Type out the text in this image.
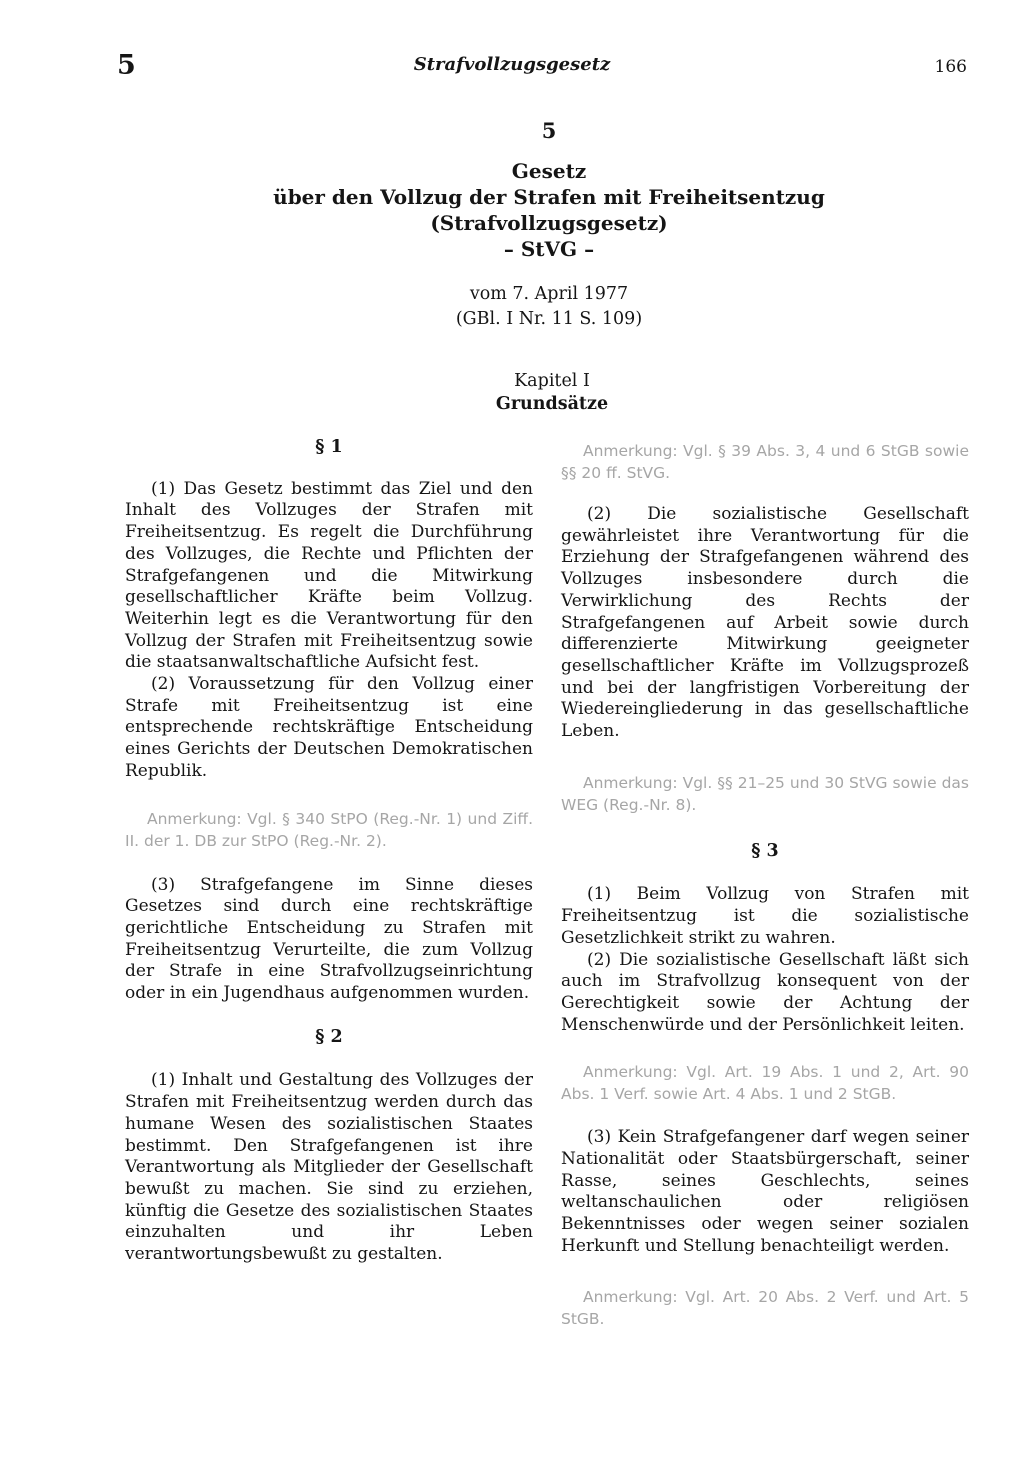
5	Strafvollzugsgesetz	166
5
Gesetz
über den Vollzug der Strafen mit Freiheitsentzug
(Strafvollzugsgesetz)
– StVG –
vom 7. April 1977
(GBl. I Nr. 11 S. 109)
Kapitel I
Grundsätze
§ 1

(1) Das Gesetz bestimmt das Ziel und den Inhalt des Vollzuges der Strafen mit Freiheitsentzug. Es regelt die Durchführung des Vollzuges, die Rechte und Pflichten der Strafgefangenen und die Mitwirkung gesellschaftlicher Kräfte beim Vollzug. Weiterhin legt es die Verantwortung für den Vollzug der Strafen mit Freiheitsentzug sowie die staatsanwaltschaftliche Aufsicht fest.

(2) Voraussetzung für den Vollzug einer Strafe mit Freiheitsentzug ist eine entsprechende rechtskräftige Entscheidung eines Gerichts der Deutschen Demokratischen Republik.

Anmerkung: Vgl. § 340 StPO (Reg.-Nr. 1) und Ziff. II. der 1. DB zur StPO (Reg.-Nr. 2).

(3) Strafgefangene im Sinne dieses Gesetzes sind durch eine rechtskräftige gerichtliche Entscheidung zu Strafen mit Freiheitsentzug Verurteilte, die zum Vollzug der Strafe in eine Strafvollzugseinrichtung oder in ein Jugendhaus aufgenommen wurden.

§ 2

(1) Inhalt und Gestaltung des Vollzuges der Strafen mit Freiheitsentzug werden durch das humane Wesen des sozialistischen Staates bestimmt. Den Strafgefangenen ist ihre Verantwortung als Mitglieder der Gesellschaft bewußt zu machen. Sie sind zu erziehen, künftig die Gesetze des sozialistischen Staates einzuhalten und ihr Leben verantwortungsbewußt zu gestalten.

Anmerkung: Vgl. § 39 Abs. 3, 4 und 6 StGB sowie §§ 20 ff. StVG.

(2) Die sozialistische Gesellschaft gewährleistet ihre Verantwortung für die Erziehung der Strafgefangenen während des Vollzuges insbesondere durch die Verwirklichung des Rechts der Strafgefangenen auf Arbeit sowie durch differenzierte Mitwirkung geeigneter gesellschaftlicher Kräfte im Vollzugsprozeß und bei der langfristigen Vorbereitung der Wiedereingliederung in das gesellschaftliche Leben.

Anmerkung: Vgl. §§ 21–25 und 30 StVG sowie das WEG (Reg.-Nr. 8).

§ 3

(1) Beim Vollzug von Strafen mit Freiheitsentzug ist die sozialistische Gesetzlichkeit strikt zu wahren.

(2) Die sozialistische Gesellschaft läßt sich auch im Strafvollzug konsequent von der Gerechtigkeit sowie der Achtung der Menschenwürde und der Persönlichkeit leiten.

Anmerkung: Vgl. Art. 19 Abs. 1 und 2, Art. 90 Abs. 1 Verf. sowie Art. 4 Abs. 1 und 2 StGB.

(3) Kein Strafgefangener darf wegen seiner Nationalität oder Staatsbürgerschaft, seiner Rasse, seines Geschlechts, seines weltanschaulichen oder religiösen Bekenntnisses oder wegen seiner sozialen Herkunft und Stellung benachteiligt werden.

Anmerkung: Vgl. Art. 20 Abs. 2 Verf. und Art. 5 StGB.
